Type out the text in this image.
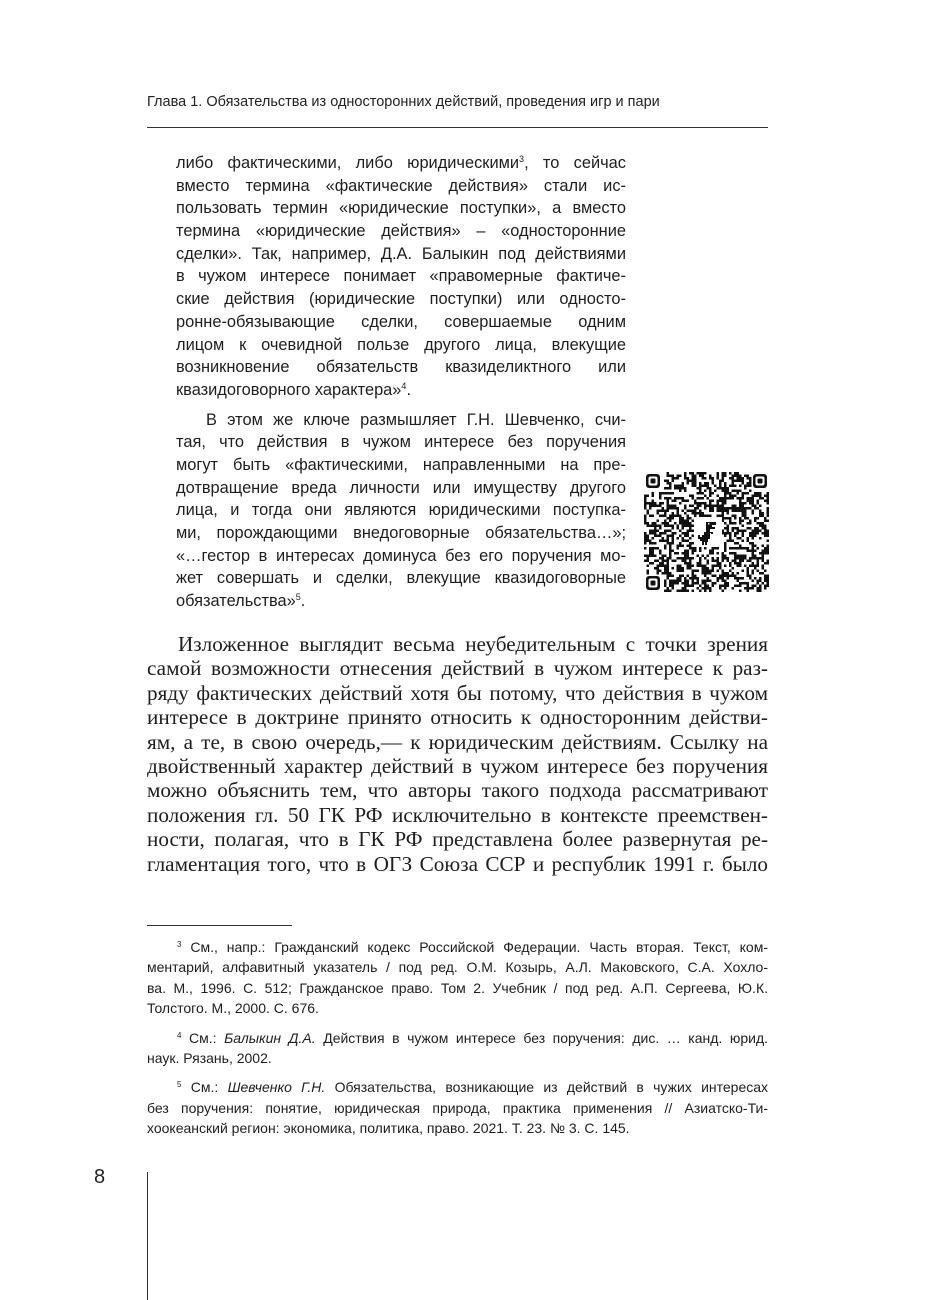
Глава 1. Обязательства из односторонних действий, проведения игр и пари
либо фактическими, либо юридическими$^3$, то сейчас
вместо термина «фактические действия» стали ис-
пользовать термин «юридические поступки», а вместо
термина «юридические действия» – «односторонние
сделки». Так, например, Д.А. Балыкин под действиями
в чужом интересе понимает «правомерные фактиче-
ские действия (юридические поступки) или односто-
ронне-обязывающие сделки, совершаемые одним
лицом к очевидной пользе другого лица, влекущие
возникновение обязательств квазиделиктного или
квазидоговорного характера»$^4$.
В этом же ключе размышляет Г.Н. Шевченко, счи-
тая, что действия в чужом интересе без поручения
могут быть «фактическими, направленными на пре-
дотвращение вреда личности или имуществу другого
лица, и тогда они являются юридическими поступка-
ми, порождающими внедоговорные обязательства…»;
«…гестор в интересах доминуса без его поручения мо-
жет совершать и сделки, влекущие квазидоговорные
обязательства»$^5$.
Изложенное выглядит весьма неубедительным с точки зрения
самой возможности отнесения действий в чужом интересе к раз-
ряду фактических действий хотя бы потому, что действия в чужом
интересе в доктрине принято относить к односторонним действи-
ям, а те, в свою очередь,— к юридическим действиям. Ссылку на
двойственный характер действий в чужом интересе без поручения
можно объяснить тем, что авторы такого подхода рассматривают
положения гл. 50 ГК РФ исключительно в контексте преемствен-
ности, полагая, что в ГК РФ представлена более развернутая ре-
гламентация того, что в ОГЗ Союза ССР и республик 1991 г. было
$^3$ См., напр.: Гражданский кодекс Российской Федерации. Часть вторая. Текст, ком-
ментарий, алфавитный указатель / под ред. О.М. Козырь, А.Л. Маковского, С.А. Хохло-
ва. М., 1996. С. 512; Гражданское право. Том 2. Учебник / под ред. А.П. Сергеева, Ю.К.
Толстого. М., 2000. С. 676.
$^4$ См.: Балыкин Д.А. Действия в чужом интересе без поручения: дис. … канд. юрид.
наук. Рязань, 2002.
$^5$ См.: Шевченко Г.Н. Обязательства, возникающие из действий в чужих интересах
без поручения: понятие, юридическая природа, практика применения // Азиатско-Ти-
хоокеанский регион: экономика, политика, право. 2021. Т. 23. № 3. С. 145.
8
